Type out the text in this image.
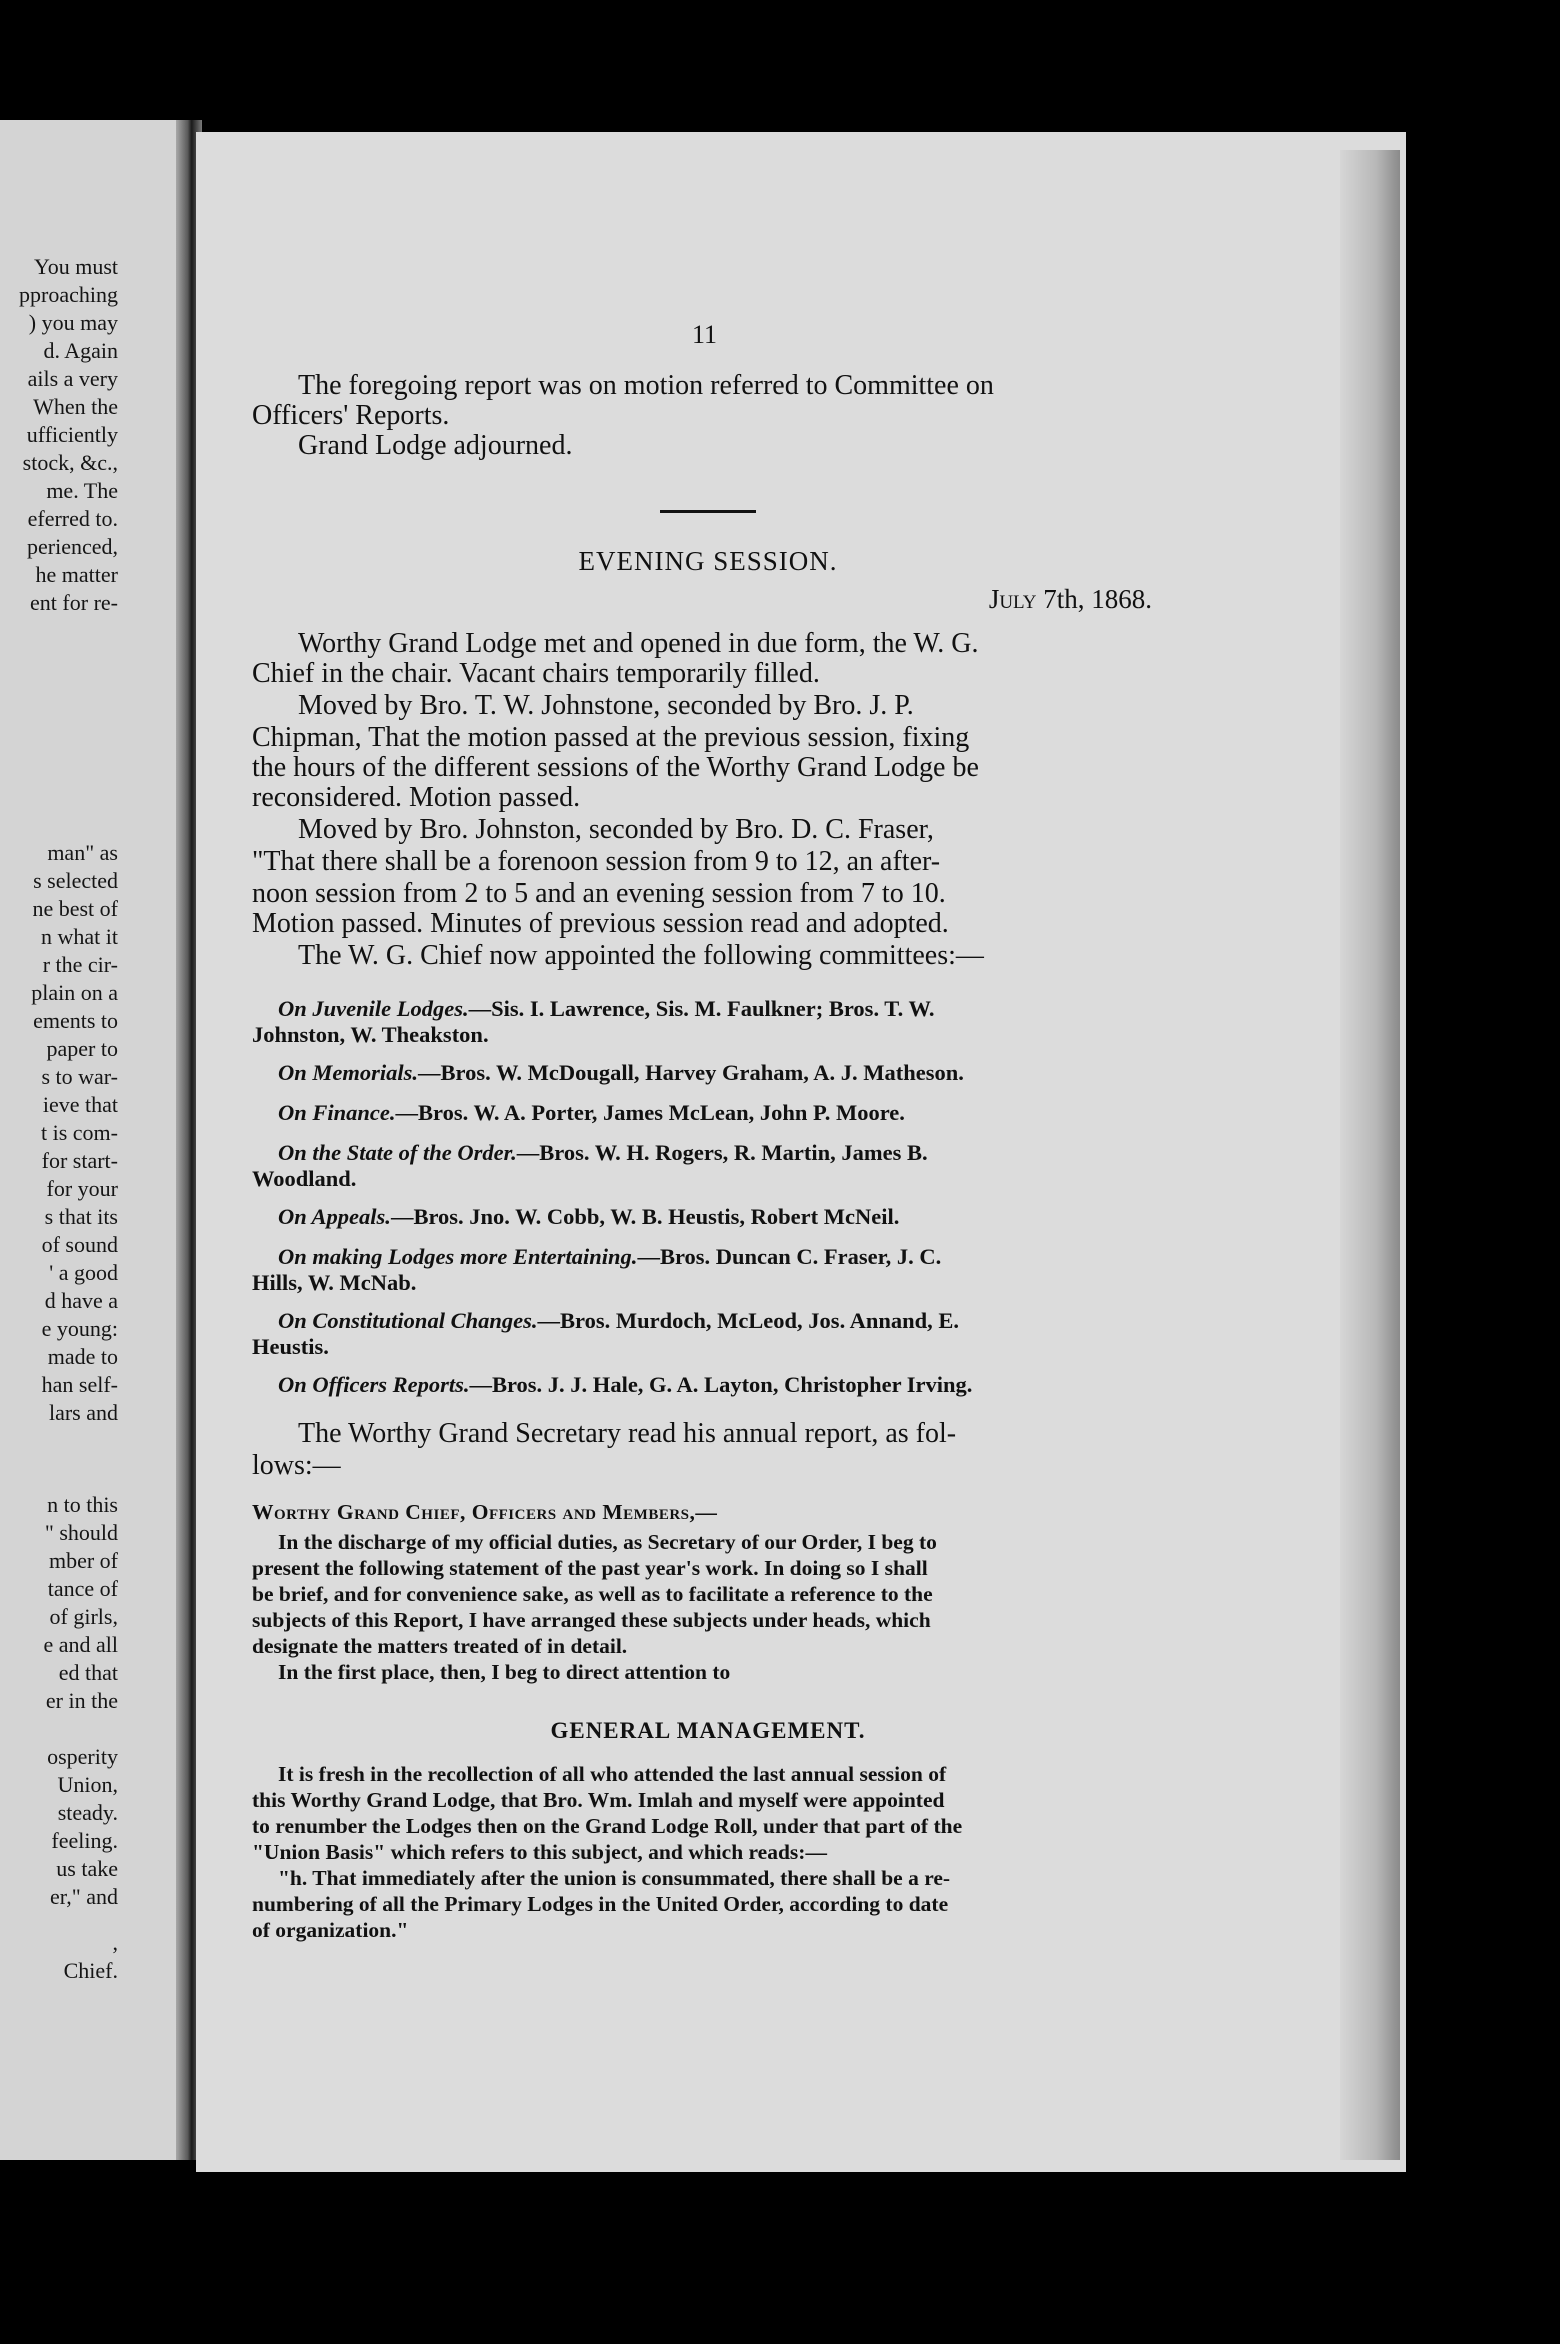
You must
pproaching
) you may
d. Again
ails a very
When the
ufficiently
stock, &c.,
me. The
eferred to.
perienced,
he matter
ent for re-
man" as
s selected
ne best of
n what it
r the cir-
plain on a
ements to
paper to
s to war-
ieve that
t is com-
for start-
for your
s that its
of sound
' a good
d have a
e young:
made to
han self-
lars and
n to this
" should
mber of
tance of
of girls,
e and all
ed that
er in the
osperity
Union,
steady.
feeling.
us take
er," and
,
Chief.
11
The foregoing report was on motion referred to Committee on
Officers' Reports.
Grand Lodge adjourned.
EVENING SESSION.
July 7th, 1868.
Worthy Grand Lodge met and opened in due form, the W. G.
Chief in the chair. Vacant chairs temporarily filled.
Moved by Bro. T. W. Johnstone, seconded by Bro. J. P.
Chipman, That the motion passed at the previous session, fixing
the hours of the different sessions of the Worthy Grand Lodge be
reconsidered. Motion passed.
Moved by Bro. Johnston, seconded by Bro. D. C. Fraser,
"That there shall be a forenoon session from 9 to 12, an after-
noon session from 2 to 5 and an evening session from 7 to 10.
Motion passed. Minutes of previous session read and adopted.
The W. G. Chief now appointed the following committees:—
On Juvenile Lodges.—Sis. I. Lawrence, Sis. M. Faulkner; Bros. T. W.
Johnston, W. Theakston.
On Memorials.—Bros. W. McDougall, Harvey Graham, A. J. Matheson.
On Finance.—Bros. W. A. Porter, James McLean, John P. Moore.
On the State of the Order.—Bros. W. H. Rogers, R. Martin, James B.
Woodland.
On Appeals.—Bros. Jno. W. Cobb, W. B. Heustis, Robert McNeil.
On making Lodges more Entertaining.—Bros. Duncan C. Fraser, J. C.
Hills, W. McNab.
On Constitutional Changes.—Bros. Murdoch, McLeod, Jos. Annand, E.
Heustis.
On Officers Reports.—Bros. J. J. Hale, G. A. Layton, Christopher Irving.
The Worthy Grand Secretary read his annual report, as fol-
lows:—
Worthy Grand Chief, Officers and Members,—
In the discharge of my official duties, as Secretary of our Order, I beg to
present the following statement of the past year's work. In doing so I shall
be brief, and for convenience sake, as well as to facilitate a reference to the
subjects of this Report, I have arranged these subjects under heads, which
designate the matters treated of in detail.
In the first place, then, I beg to direct attention to
GENERAL MANAGEMENT.
It is fresh in the recollection of all who attended the last annual session of
this Worthy Grand Lodge, that Bro. Wm. Imlah and myself were appointed
to renumber the Lodges then on the Grand Lodge Roll, under that part of the
"Union Basis" which refers to this subject, and which reads:—
"h. That immediately after the union is consummated, there shall be a re-
numbering of all the Primary Lodges in the United Order, according to date
of organization."
